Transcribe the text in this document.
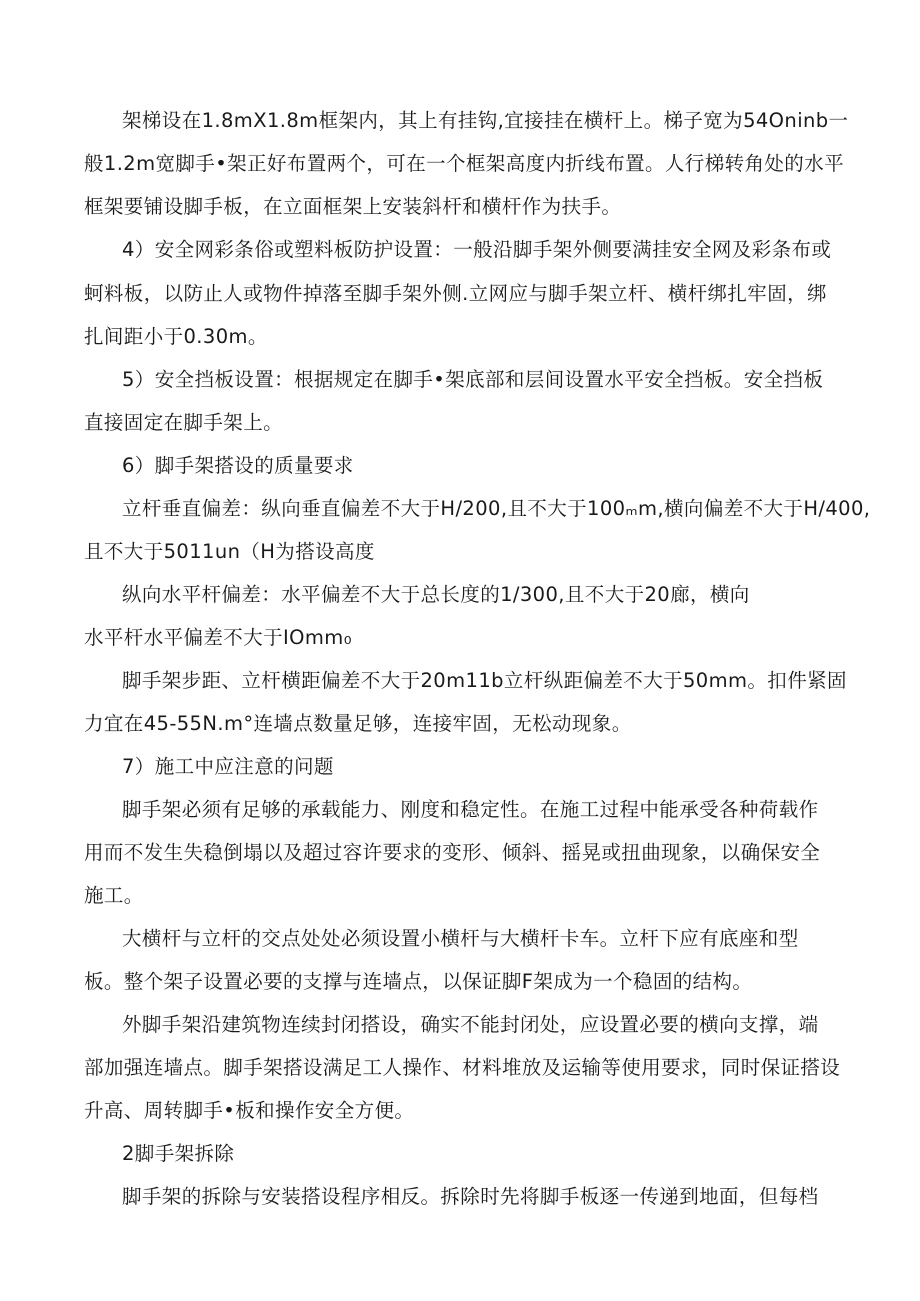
架梯设在1.8mX1.8m框架内，其上有挂钩,宜接挂在横杆上。梯子宽为54Oninb一
般1.2m宽脚手•架正好布置两个，可在一个框架高度内折线布置。人行梯转角处的水平
框架要铺设脚手板，在立面框架上安装斜杆和横杆作为扶手。
4）安全网彩条俗或塑料板防护设置：一般沿脚手架外侧要满挂安全网及彩条布或
蚵料板，以防止人或物件掉落至脚手架外侧.立网应与脚手架立杆、横杆绑扎牢固，绑
扎间距小于0.30m。
5）安全挡板设置：根据规定在脚手•架底部和层间设置水平安全挡板。安全挡板
直接固定在脚手架上。
6）脚手架搭设的质量要求
立杆垂直偏差：纵向垂直偏差不大于H/200,且不大于100ₘm,横向偏差不大于H/400,
且不大于5011un（H为搭设高度
纵向水平杆偏差：水平偏差不大于总长度的1/300,且不大于20廊，横向
水平杆水平偏差不大于IOmm₀
脚手架步距、立杆横距偏差不大于20m11b立杆纵距偏差不大于50mm。扣件紧固
力宜在45-55N.m°连墙点数量足够，连接牢固，无松动现象。
7）施工中应注意的问题
脚手架必须有足够的承载能力、刚度和稳定性。在施工过程中能承受各种荷载作
用而不发生失稳倒塌以及超过容许要求的变形、倾斜、摇晃或扭曲现象，以确保安全
施工。
大横杆与立杆的交点处处必须设置小横杆与大横杆卡车。立杆下应有底座和型
板。整个架子设置必要的支撑与连墙点，以保证脚F架成为一个稳固的结构。
外脚手架沿建筑物连续封闭搭设，确实不能封闭处，应设置必要的横向支撑，端
部加强连墙点。脚手架搭设满足工人操作、材料堆放及运输等使用要求，同时保证搭设
升高、周转脚手•板和操作安全方便。
2脚手架拆除
脚手架的拆除与安装搭设程序相反。拆除时先将脚手板逐一传递到地面，但每档
